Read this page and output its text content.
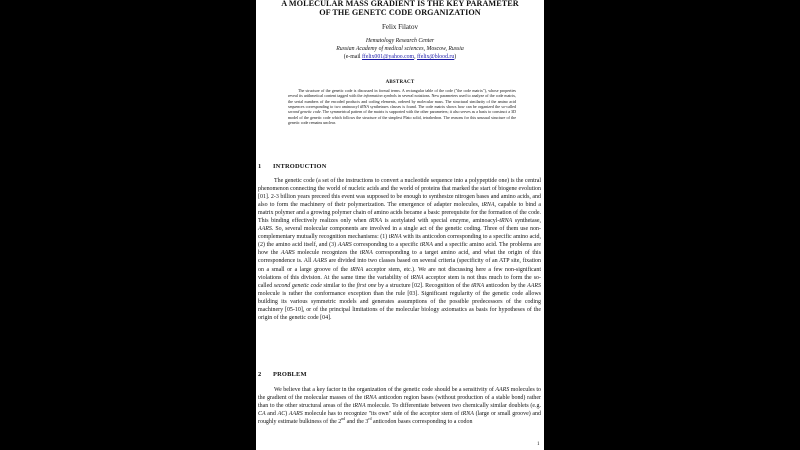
A MOLECULAR MASS GRADIENT IS THE KEY PARAMETER
OF THE GENETC CODE ORGANIZATION
Felix Filatov
Hematology Research Center
Russian Academy of medical sciences, Moscow, Russia
(e-mail ffelix001@yahoo.com, ffelix@blood.ru)
ABSTRACT
The structure of the genetic code is discussed in formal terms. A rectangular table of the code ("the code matrix"), whose properties reveal its arithmetical content tagged with the information symbols in several notations. New parameters used to analyze of the code matrix, the serial numbers of the encoded products and coding elements, ordered by molecular mass. The structural similarity of the amino acid sequences corresponding to two aminoacyl tRNA synthetases classes is found. The code matrix shows how can be organized the so-called second genetic code. The symmetrical pattern of the matrix is supported with the other parameters; it also serves as a basis to construct a 3D model of the genetic code which follows the structure of the simplest Plato solid, tetrahedron. The reasons for this unusual structure of the genetic code remains unclear.
1 INTRODUCTION
The genetic code (a set of the instructions to convert a nucleotide sequence into a polypeptide one) is the central phenomenon connecting the world of nucleic acids and the world of proteins that marked the start of biogene evolution [01]. 2-3 billion years preceed this event was supposed to be enough to synthesize nitrogen bases and amino acids, and also to form the machinery of their polymerization. The emergence of adapter molecules, tRNA, capable to bind a matrix polymer and a growing polymer chain of amino acids became a basic prerequisite for the formation of the code. This binding effectively realizes only when tRNA is acetylated with special enzyme, aminoacyl-tRNA synthetase, AARS. So, several molecular components are involved in a single act of the genetic coding. Three of them use non-complementary mutually recognition mechanisms: (1) tRNA with its anticodon corresponding to a specific amino acid, (2) the amino acid itself, and (3) AARS corresponding to a specific tRNA and a specific amino acid. The problems are how the AARS molecule recognizes the tRNA corresponding to a target amino acid, and what the origin of this correspondence is. All AARS are divided into two classes based on several criteria (specificity of an ATP site, fixation on a small or a large groove of the tRNA acceptor stem, etc.). We are not discussing here a few non-significant violations of this division. At the same time the variability of tRNA acceptor stem is not thus much to form the so-called second genetic code similar to the first one by a structure [02]. Recognition of the tRNA anticodon by the AARS molecule is rather the conformance exception than the rule [03]. Significant regularity of the genetic code allows building its various symmetric models and generates assumptions of the possible predecessors of the coding machinery [05-10], or of the principal limitations of the molecular biology axiomatics as basis for hypotheses of the origin of the genetic code [04].
2 PROBLEM
We believe that a key factor in the organization of the genetic code should be a sensitivity of AARS molecules to the gradient of the molecular masses of the tRNA anticodon region bases (without production of a stable bond) rather than to the other structural areas of the tRNA molecule. To differentiate between two chemically similar doublets (e.g. CA and AC) AARS molecule has to recognize "its own" side of the acceptor stem of tRNA (large or small groove) and roughly estimate bulkiness of the 2nd and the 3rd anticodon bases corresponding to a codon
1
